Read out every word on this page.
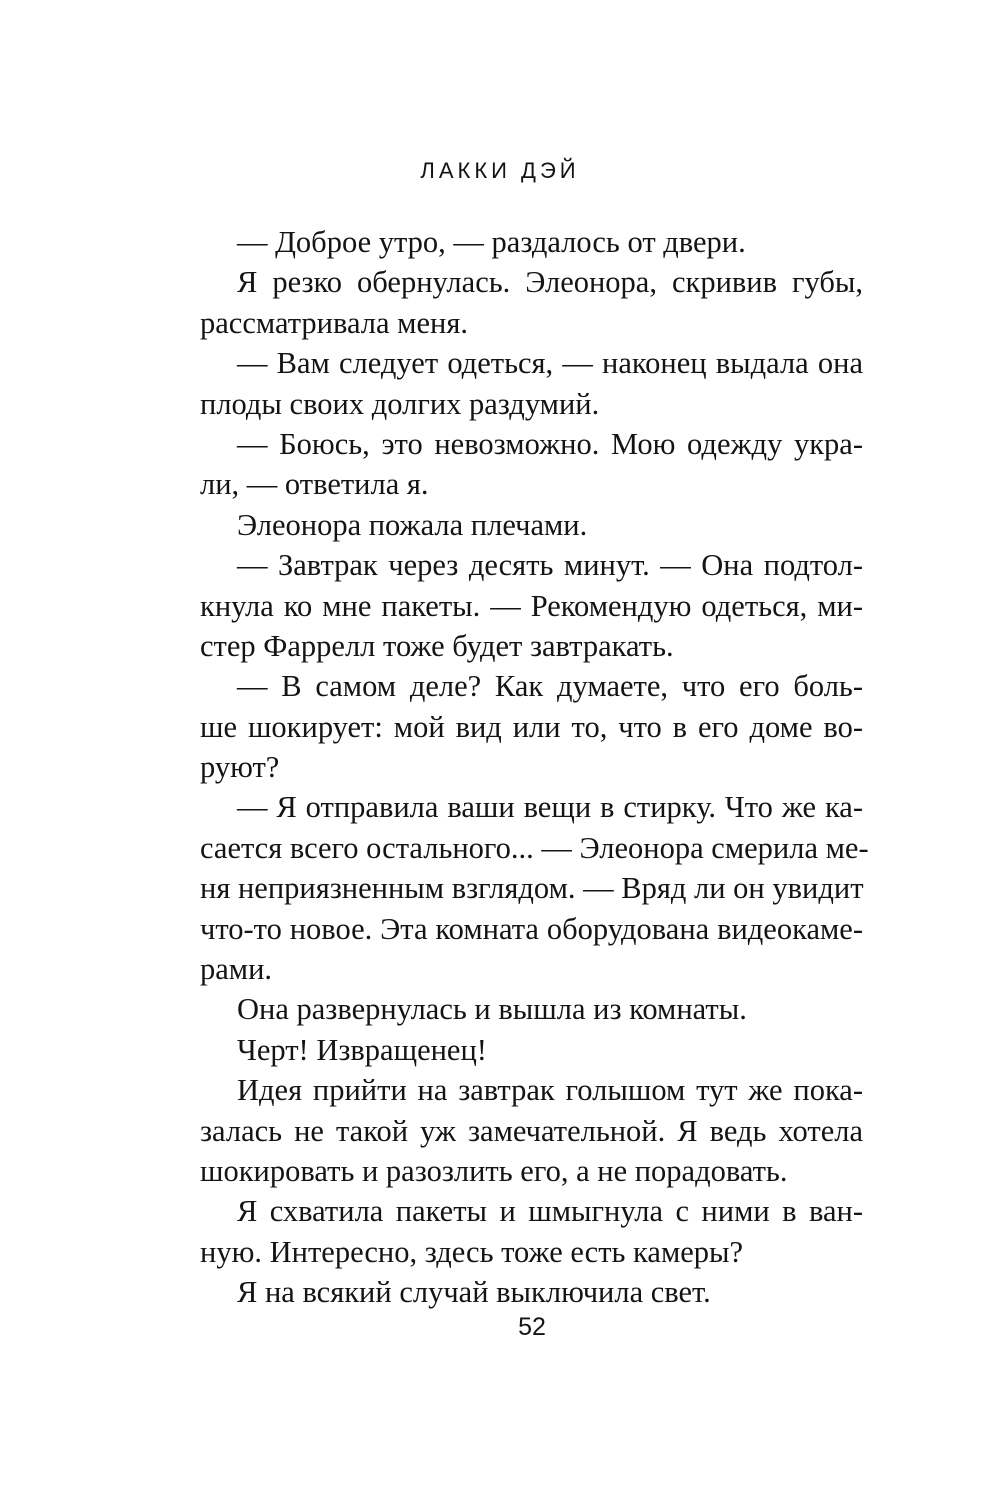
ЛАККИ ДЭЙ
— Доброе утро, — раздалось от двери.
Я резко обернулась. Элеонора, скривив губы,
рассматривала меня.
— Вам следует одеться, — наконец выдала она
плоды своих долгих раздумий.
— Боюсь, это невозможно. Мою одежду укра-
ли, — ответила я.
Элеонора пожала плечами.
— Завтрак через десять минут. — Она подтол-
кнула ко мне пакеты. — Рекомендую одеться, ми-
стер Фаррелл тоже будет завтракать.
— В самом деле? Как думаете, что его боль-
ше шокирует: мой вид или то, что в его доме во-
руют?
— Я отправила ваши вещи в стирку. Что же ка-
сается всего остального... — Элеонора смерила ме-
ня неприязненным взглядом. — Вряд ли он увидит
что-то новое. Эта комната оборудована видеокаме-
рами.
Она развернулась и вышла из комнаты.
Черт! Извращенец!
Идея прийти на завтрак голышом тут же пока-
залась не такой уж замечательной. Я ведь хотела
шокировать и разозлить его, а не порадовать.
Я схватила пакеты и шмыгнула с ними в ван-
ную. Интересно, здесь тоже есть камеры?
Я на всякий случай выключила свет.
52
